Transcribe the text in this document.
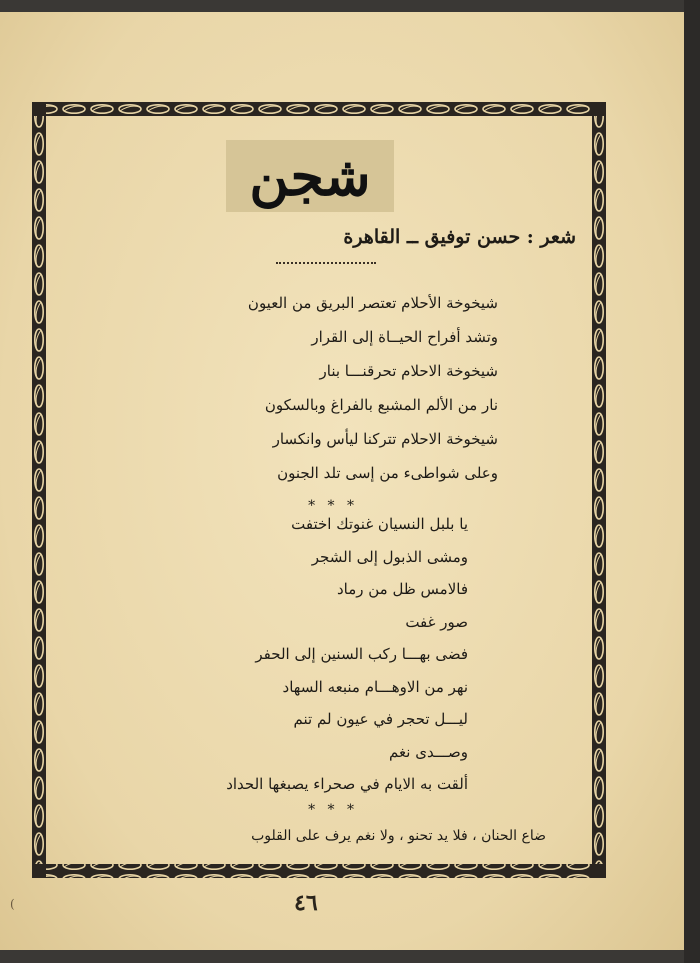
شجن
شعر : حسن توفيق ــ القاهرة
شيخوخة الأحلام تعتصر البريق من العيون
وتشد أفراح الحيــاة إلى القرار
شيخوخة الاحلام تحرقنـــا بنار
نار من الألم المشبع بالفراغ وبالسكون
شيخوخة الاحلام تتركنا ليأس وانكسار
وعلى شواطىء من إسى تلد الجنون
* * *
يا بلبل النسيان غنوتك اختفت
ومشى الذبول إلى الشجر
فالامس ظل من رماد
صور غفت
فضى بهـــا ركب السنين إلى الحفر
نهر من الاوهـــام منبعه السهاد
ليـــل تحجر في عيون لم تنم
وصـــدى نغم
ألقت به الايام في صحراء يصبغها الحداد
* * *
ضاع الحنان ، فلا يد تحنو ، ولا نغم يرف على القلوب
٤٦
(
